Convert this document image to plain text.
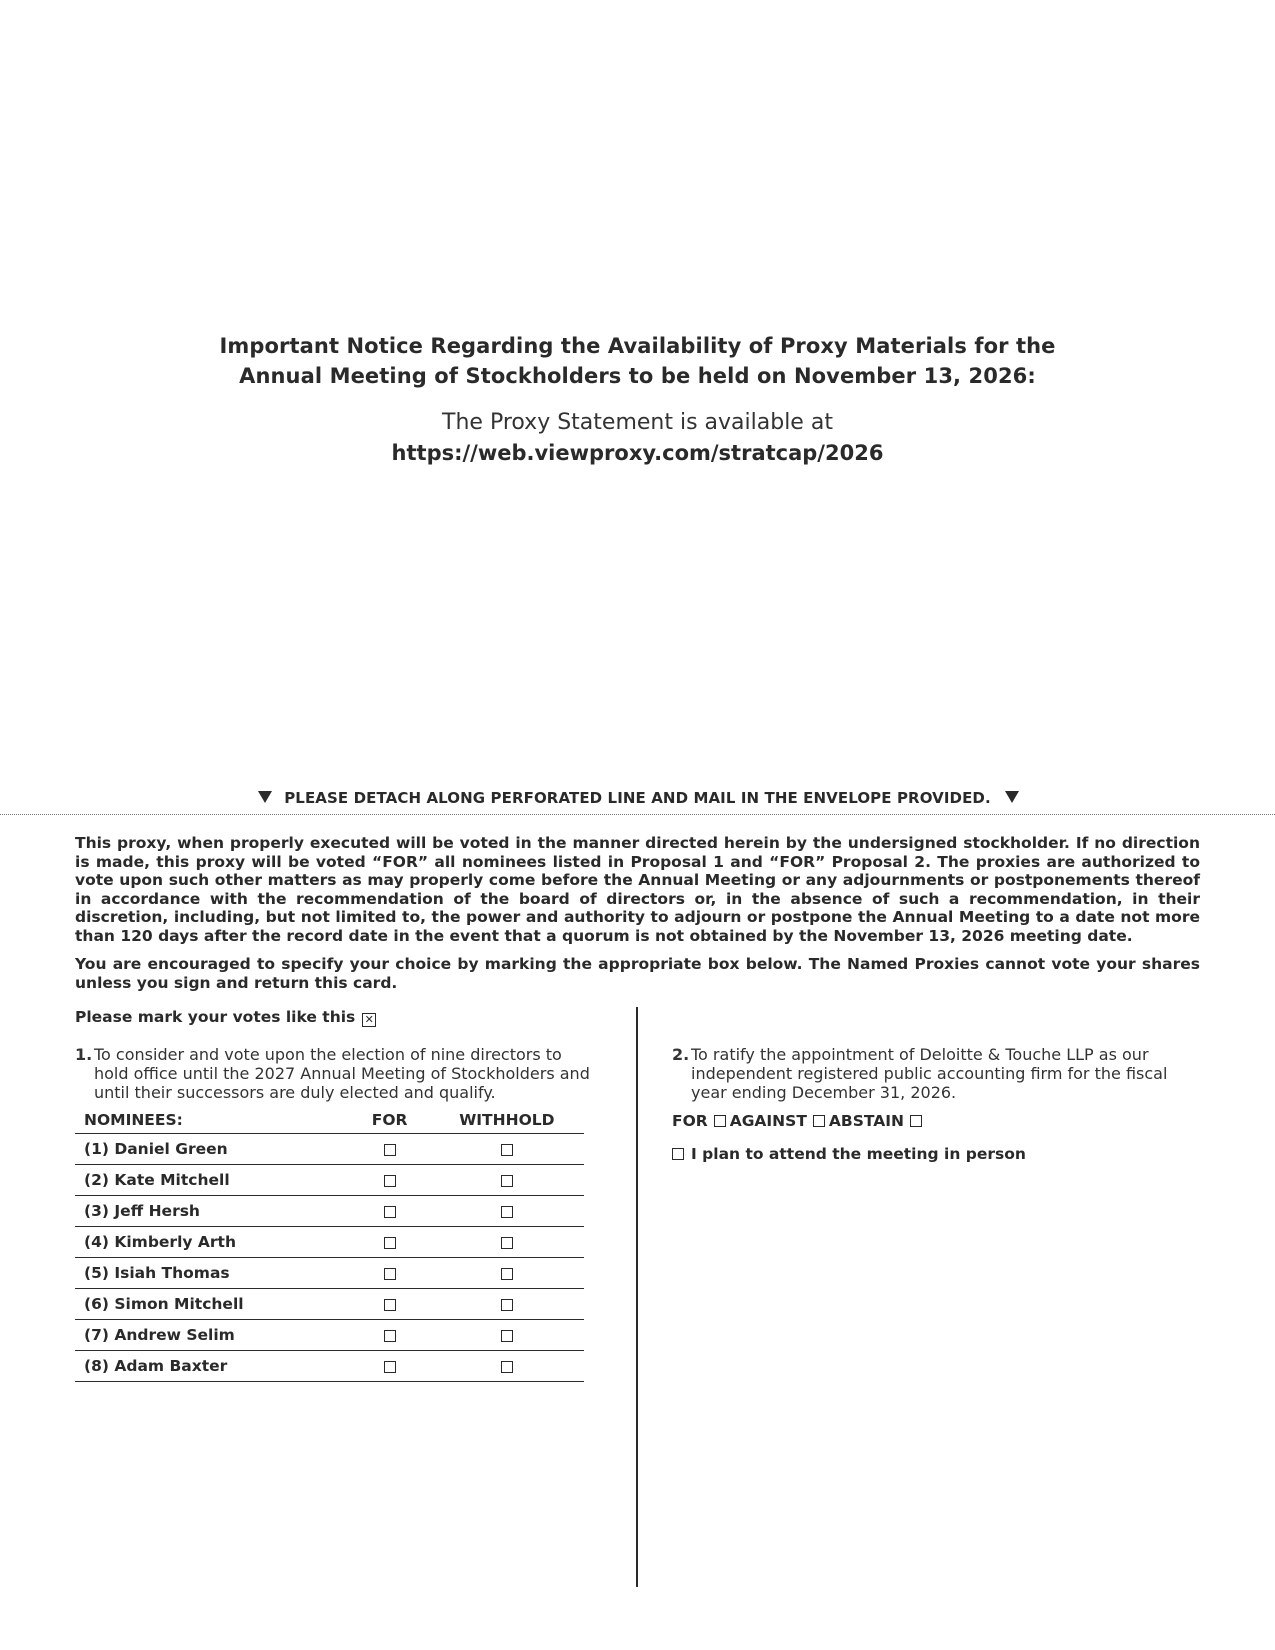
Important Notice Regarding the Availability of Proxy Materials for the
Annual Meeting of Stockholders to be held on November 13, 2026:
The Proxy Statement is available at
https://web.viewproxy.com/stratcap/2026
PLEASE DETACH ALONG PERFORATED LINE AND MAIL IN THE ENVELOPE PROVIDED.

This proxy, when properly executed will be voted in the manner directed herein by the undersigned stockholder. If no direction is made, this proxy will be voted “FOR” all nominees listed in Proposal 1 and “FOR” Proposal 2. The proxies are authorized to vote upon such other matters as may properly come before the Annual Meeting or any adjournments or postponements thereof in accordance with the recommendation of the board of directors or, in the absence of such a recommendation, in their discretion, including, but not limited to, the power and authority to adjourn or postpone the Annual Meeting to a date not more than 120 days after the record date in the event that a quorum is not obtained by the November 13, 2026 meeting date.

You are encouraged to specify your choice by marking the appropriate box below. The Named Proxies cannot vote your shares unless you sign and return this card.

Please mark your votes like this ✕
1. To consider and vote upon the election of nine directors to hold office until the 2027 Annual Meeting of Stockholders and until their successors are duly elected and qualify.
NOMINEES:	FOR	WITHHOLD
(1) Daniel Green		
(2) Kate Mitchell		
(3) Jeff Hersh		
(4) Kimberly Arth		
(5) Isiah Thomas		
(6) Simon Mitchell		
(7) Andrew Selim		
(8) Adam Baxter		
2. To ratify the appointment of Deloitte & Touche LLP as our independent registered public accounting firm for the fiscal year ending December 31, 2026.
FOR AGAINST ABSTAIN
I plan to attend the meeting in person
